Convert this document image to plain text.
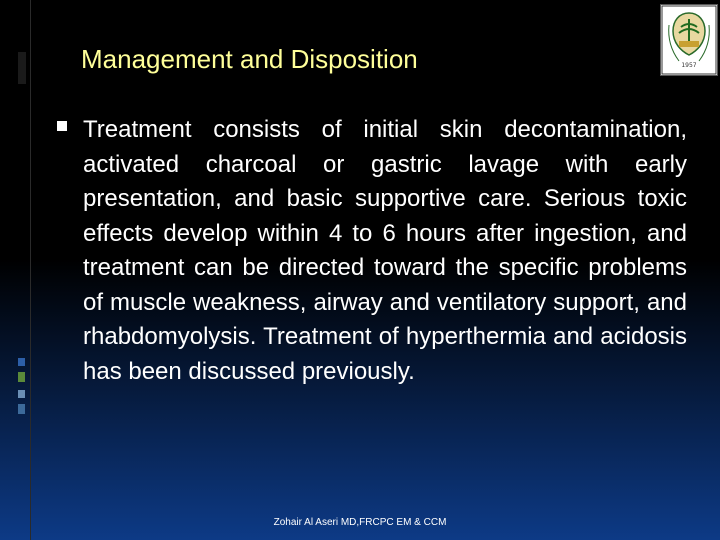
Management and Disposition	1957
Treatment consists of initial skin decontamination, activated charcoal or gastric lavage with early presentation, and basic supportive care. Serious toxic effects develop within 4 to 6 hours after ingestion, and treatment can be directed toward the specific problems of muscle weakness, airway and ventilatory support, and rhabdomyolysis. Treatment of hyperthermia and acidosis has been discussed previously.
Zohair Al Aseri MD,FRCPC EM & CCM
